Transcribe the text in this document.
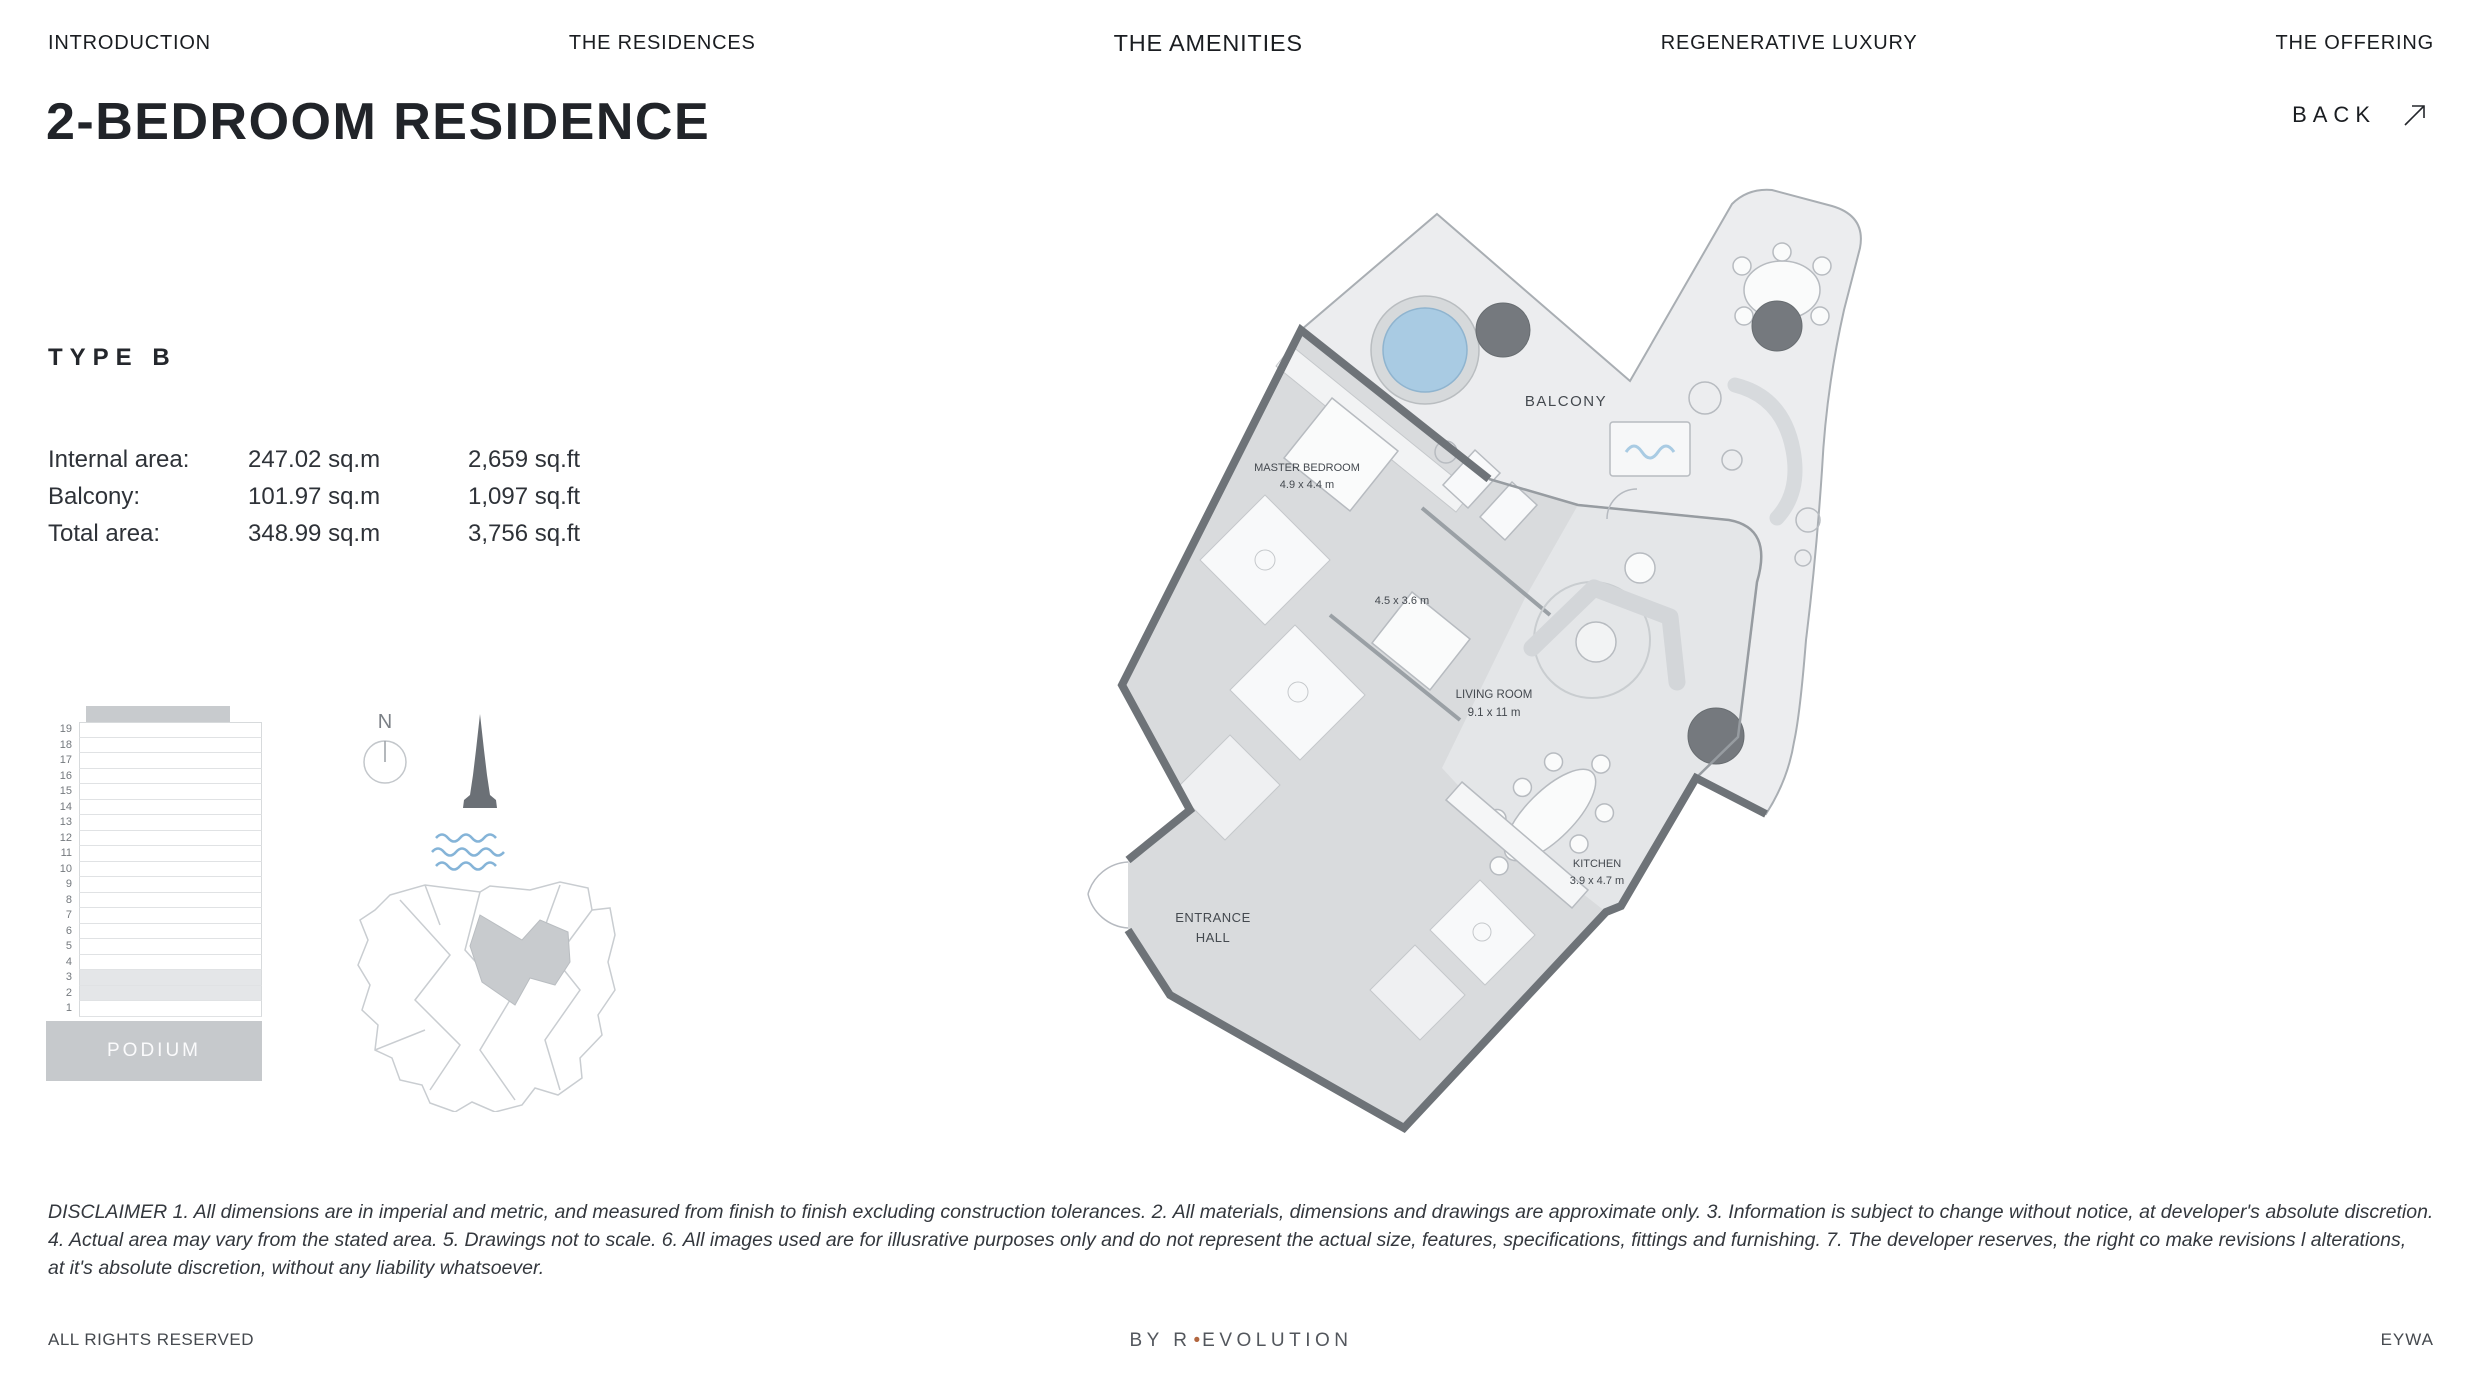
INTRODUCTION	THE RESIDENCES	THE AMENITIES	REGENERATIVE LUXURY	THE OFFERING
2-BEDROOM RESIDENCE	BACK
TYPE B
Internal area:	247.02 sq.m	2,659 sq.ft
Balcony:	101.97 sq.m	1,097 sq.ft
Total area:	348.99 sq.m	3,756 sq.ft
19
18
17
16
15
14
13
12
11
10
9
8
7
6
5
4
3
2
1
PODIUM
N
BALCONY
MASTER BEDROOM
4.9 x 4.4 m
4.5 x 3.6 m
LIVING ROOM
9.1 x 11 m
KITCHEN
3.9 x 4.7 m
ENTRANCE
HALL
DISCLAIMER 1. All dimensions are in imperial and metric, and measured from finish to finish excluding construction tolerances. 2. All materials, dimensions and drawings are approximate only. 3. Information is subject to change without notice, at developer's absolute discretion.
4. Actual area may vary from the stated area. 5. Drawings not to scale. 6. All images used are for illusrative purposes only and do not represent the actual size, features, specifications, fittings and furnishing. 7. The developer reserves, the right co make revisions l alterations,
at it's absolute discretion, without any liability whatsoever.
ALL RIGHTS RESERVED	BY R • EVOLUTION	EYWA
